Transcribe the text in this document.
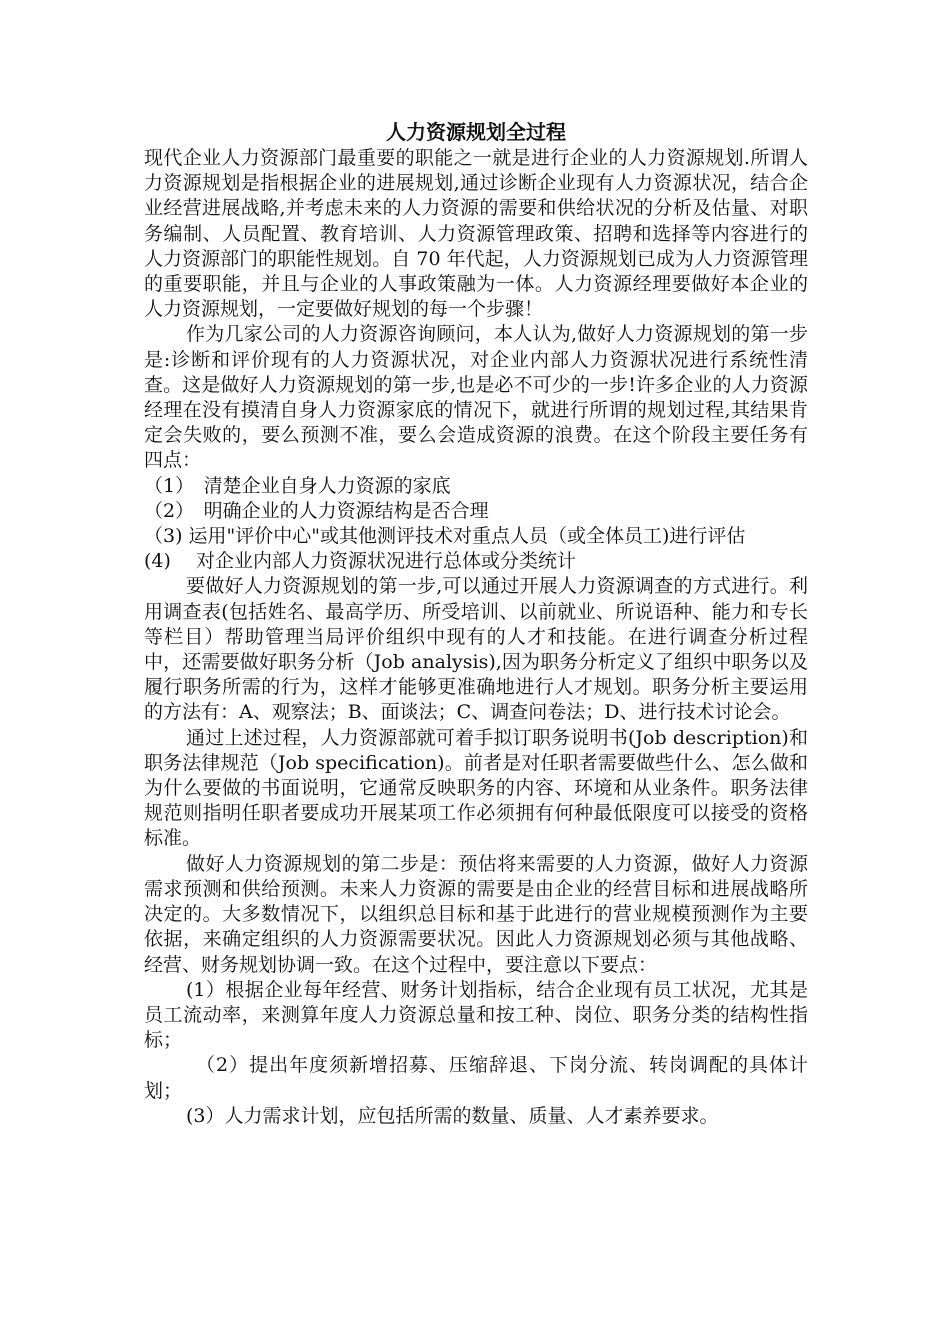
人力资源规划全过程

现代企业人力资源部门最重要的职能之一就是进行企业的人力资源规划.所谓人力资源规划是指根据企业的进展规划,通过诊断企业现有人力资源状况，结合企业经营进展战略,并考虑未来的人力资源的需要和供给状况的分析及估量、对职务编制、人员配置、教育培训、人力资源管理政策、招聘和选择等内容进行的人力资源部门的职能性规划。自 70 年代起，人力资源规划已成为人力资源管理的重要职能，并且与企业的人事政策融为一体。人力资源经理要做好本企业的人力资源规划，一定要做好规划的每一个步骤！

作为几家公司的人力资源咨询顾问，本人认为,做好人力资源规划的第一步是:诊断和评价现有的人力资源状况，对企业内部人力资源状况进行系统性清查。这是做好人力资源规划的第一步,也是必不可少的一步!许多企业的人力资源经理在没有摸清自身人力资源家底的情况下，就进行所谓的规划过程,其结果肯定会失败的，要么预测不准，要么会造成资源的浪费。在这个阶段主要任务有四点：

（1）　清楚企业自身人力资源的家底

（2）　明确企业的人力资源结构是否合理

（3) 运用"评价中心"或其他测评技术对重点人员（或全体员工)进行评估

(4)　 对企业内部人力资源状况进行总体或分类统计

要做好人力资源规划的第一步,可以通过开展人力资源调查的方式进行。利用调查表(包括姓名、最高学历、所受培训、以前就业、所说语种、能力和专长等栏目）帮助管理当局评价组织中现有的人才和技能。在进行调查分析过程中，还需要做好职务分析（Job analysis),因为职务分析定义了组织中职务以及履行职务所需的行为，这样才能够更准确地进行人才规划。职务分析主要运用的方法有：A、观察法；B、面谈法；C、调查问卷法；D、进行技术讨论会。

通过上述过程，人力资源部就可着手拟订职务说明书(Job description)和职务法律规范（Job specification)。前者是对任职者需要做些什么、怎么做和为什么要做的书面说明，它通常反映职务的内容、环境和从业条件。职务法律规范则指明任职者要成功开展某项工作必须拥有何种最低限度可以接受的资格标准。

做好人力资源规划的第二步是：预估将来需要的人力资源，做好人力资源需求预测和供给预测。未来人力资源的需要是由企业的经营目标和进展战略所决定的。大多数情况下，以组织总目标和基于此进行的营业规模预测作为主要依据，来确定组织的人力资源需要状况。因此人力资源规划必须与其他战略、经营、财务规划协调一致。在这个过程中，要注意以下要点：

(1）根据企业每年经营、财务计划指标，结合企业现有员工状况，尤其是员工流动率，来测算年度人力资源总量和按工种、岗位、职务分类的结构性指标；

（2）提出年度须新增招募、压缩辞退、下岗分流、转岗调配的具体计划；

(3）人力需求计划，应包括所需的数量、质量、人才素养要求。
